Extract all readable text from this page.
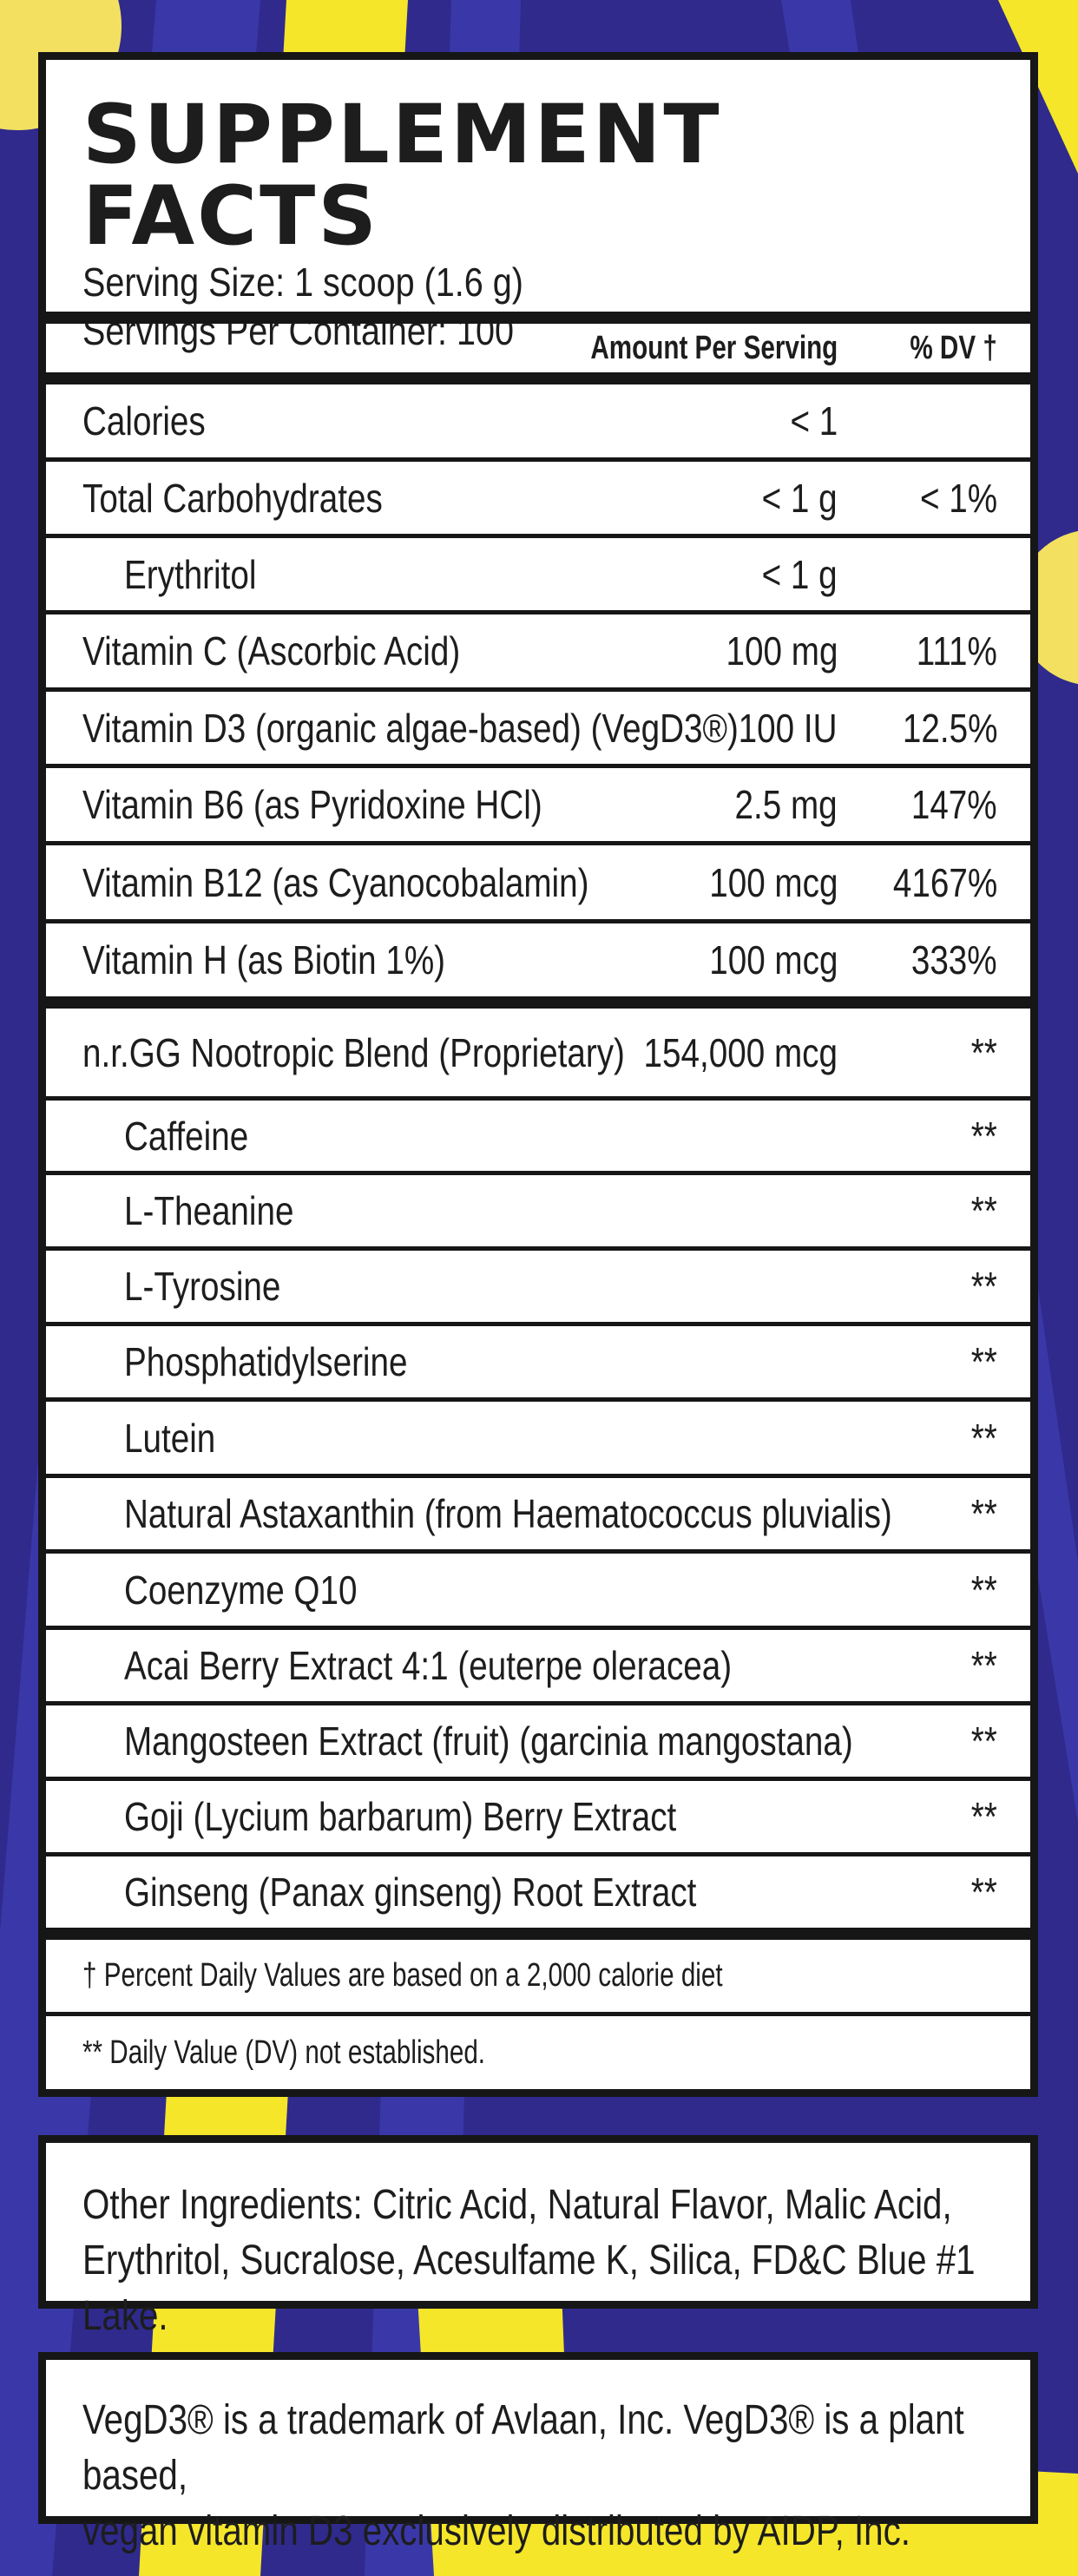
SUPPLEMENT FACTS
Serving Size: 1 scoop (1.6 g)
Servings Per Container: 100	Amount Per Serving % DV †
Calories	< 1
Total Carbohydrates	< 1 g < 1%
Erythritol	< 1 g
Vitamin C (Ascorbic Acid)	100 mg 111%
Vitamin D3 (organic algae-based) (VegD3®) 100 IU 12.5%
Vitamin B6 (as Pyridoxine HCl)	2.5 mg 147%
Vitamin B12 (as Cyanocobalamin)	100 mcg 4167%
Vitamin H (as Biotin 1%)	100 mcg 333%
n.r.GG Nootropic Blend (Proprietary) 154,000 mcg	**
Caffeine	**
L-Theanine	**
L-Tyrosine	**
Phosphatidylserine	**
Lutein	**
Natural Astaxanthin (from Haematococcus pluvialis) **
Coenzyme Q10	**
Acai Berry Extract 4:1 (euterpe oleracea)	**
Mangosteen Extract (fruit) (garcinia mangostana)	**
Goji (Lycium barbarum) Berry Extract	**
Ginseng (Panax ginseng) Root Extract	**
† Percent Daily Values are based on a 2,000 calorie diet
** Daily Value (DV) not established.
Other Ingredients: Citric Acid, Natural Flavor, Malic Acid,
Erythritol, Sucralose, Acesulfame K, Silica, FD&C Blue #1 Lake.
VegD3® is a trademark of Avlaan, Inc. VegD3® is a plant based,
vegan vitamin D3 exclusively distributed by AIDP, Inc.
